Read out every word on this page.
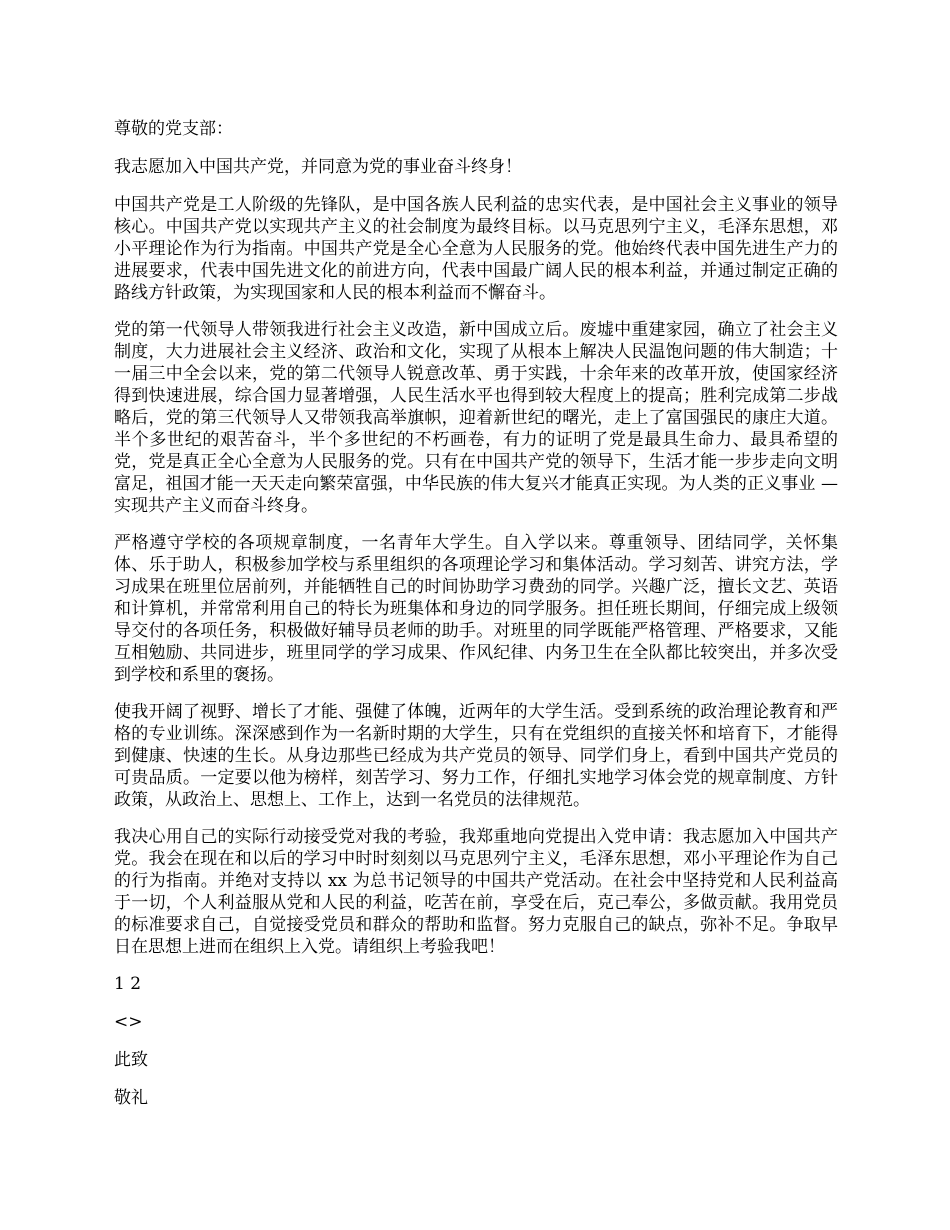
尊敬的党支部：

我志愿加入中国共产党，并同意为党的事业奋斗终身！

中国共产党是工人阶级的先锋队，是中国各族人民利益的忠实代表，是中国社会主义事业的领导核心。中国共产党以实现共产主义的社会制度为最终目标。以马克思列宁主义，毛泽东思想，邓小平理论作为行为指南。中国共产党是全心全意为人民服务的党。他始终代表中国先进生产力的进展要求，代表中国先进文化的前进方向，代表中国最广阔人民的根本利益，并通过制定正确的路线方针政策，为实现国家和人民的根本利益而不懈奋斗。

党的第一代领导人带领我进行社会主义改造，新中国成立后。废墟中重建家园，确立了社会主义制度，大力进展社会主义经济、政治和文化，实现了从根本上解决人民温饱问题的伟大制造；十一届三中全会以来，党的第二代领导人锐意改革、勇于实践，十余年来的改革开放，使国家经济得到快速进展，综合国力显著增强，人民生活水平也得到较大程度上的提高；胜利完成第二步战略后，党的第三代领导人又带领我高举旗帜，迎着新世纪的曙光，走上了富国强民的康庄大道。半个多世纪的艰苦奋斗，半个多世纪的不朽画卷，有力的证明了党是最具生命力、最具希望的党，党是真正全心全意为人民服务的党。只有在中国共产党的领导下，生活才能一步步走向文明富足，祖国才能一天天走向繁荣富强，中华民族的伟大复兴才能真正实现。为人类的正义事业 — 实现共产主义而奋斗终身。

严格遵守学校的各项规章制度，一名青年大学生。自入学以来。尊重领导、团结同学，关怀集体、乐于助人，积极参加学校与系里组织的各项理论学习和集体活动。学习刻苦、讲究方法，学习成果在班里位居前列，并能牺牲自己的时间协助学习费劲的同学。兴趣广泛，擅长文艺、英语和计算机，并常常利用自己的特长为班集体和身边的同学服务。担任班长期间，仔细完成上级领导交付的各项任务，积极做好辅导员老师的助手。对班里的同学既能严格管理、严格要求，又能互相勉励、共同进步，班里同学的学习成果、作风纪律、内务卫生在全队都比较突出，并多次受到学校和系里的褒扬。

使我开阔了视野、增长了才能、强健了体魄，近两年的大学生活。受到系统的政治理论教育和严格的专业训练。深深感到作为一名新时期的大学生，只有在党组织的直接关怀和培育下，才能得到健康、快速的生长。从身边那些已经成为共产党员的领导、同学们身上，看到中国共产党员的可贵品质。一定要以他为榜样，刻苦学习、努力工作，仔细扎实地学习体会党的规章制度、方针政策，从政治上、思想上、工作上，达到一名党员的法律规范。

我决心用自己的实际行动接受党对我的考验，我郑重地向党提出入党申请：我志愿加入中国共产党。我会在现在和以后的学习中时时刻刻以马克思列宁主义，毛泽东思想，邓小平理论作为自己的行为指南。并绝对支持以 xx 为总书记领导的中国共产党活动。在社会中坚持党和人民利益高于一切，个人利益服从党和人民的利益，吃苦在前，享受在后，克己奉公，多做贡献。我用党员的标准要求自己，自觉接受党员和群众的帮助和监督。努力克服自己的缺点，弥补不足。争取早日在思想上进而在组织上入党。请组织上考验我吧！

1 2
<>

此致

敬礼
